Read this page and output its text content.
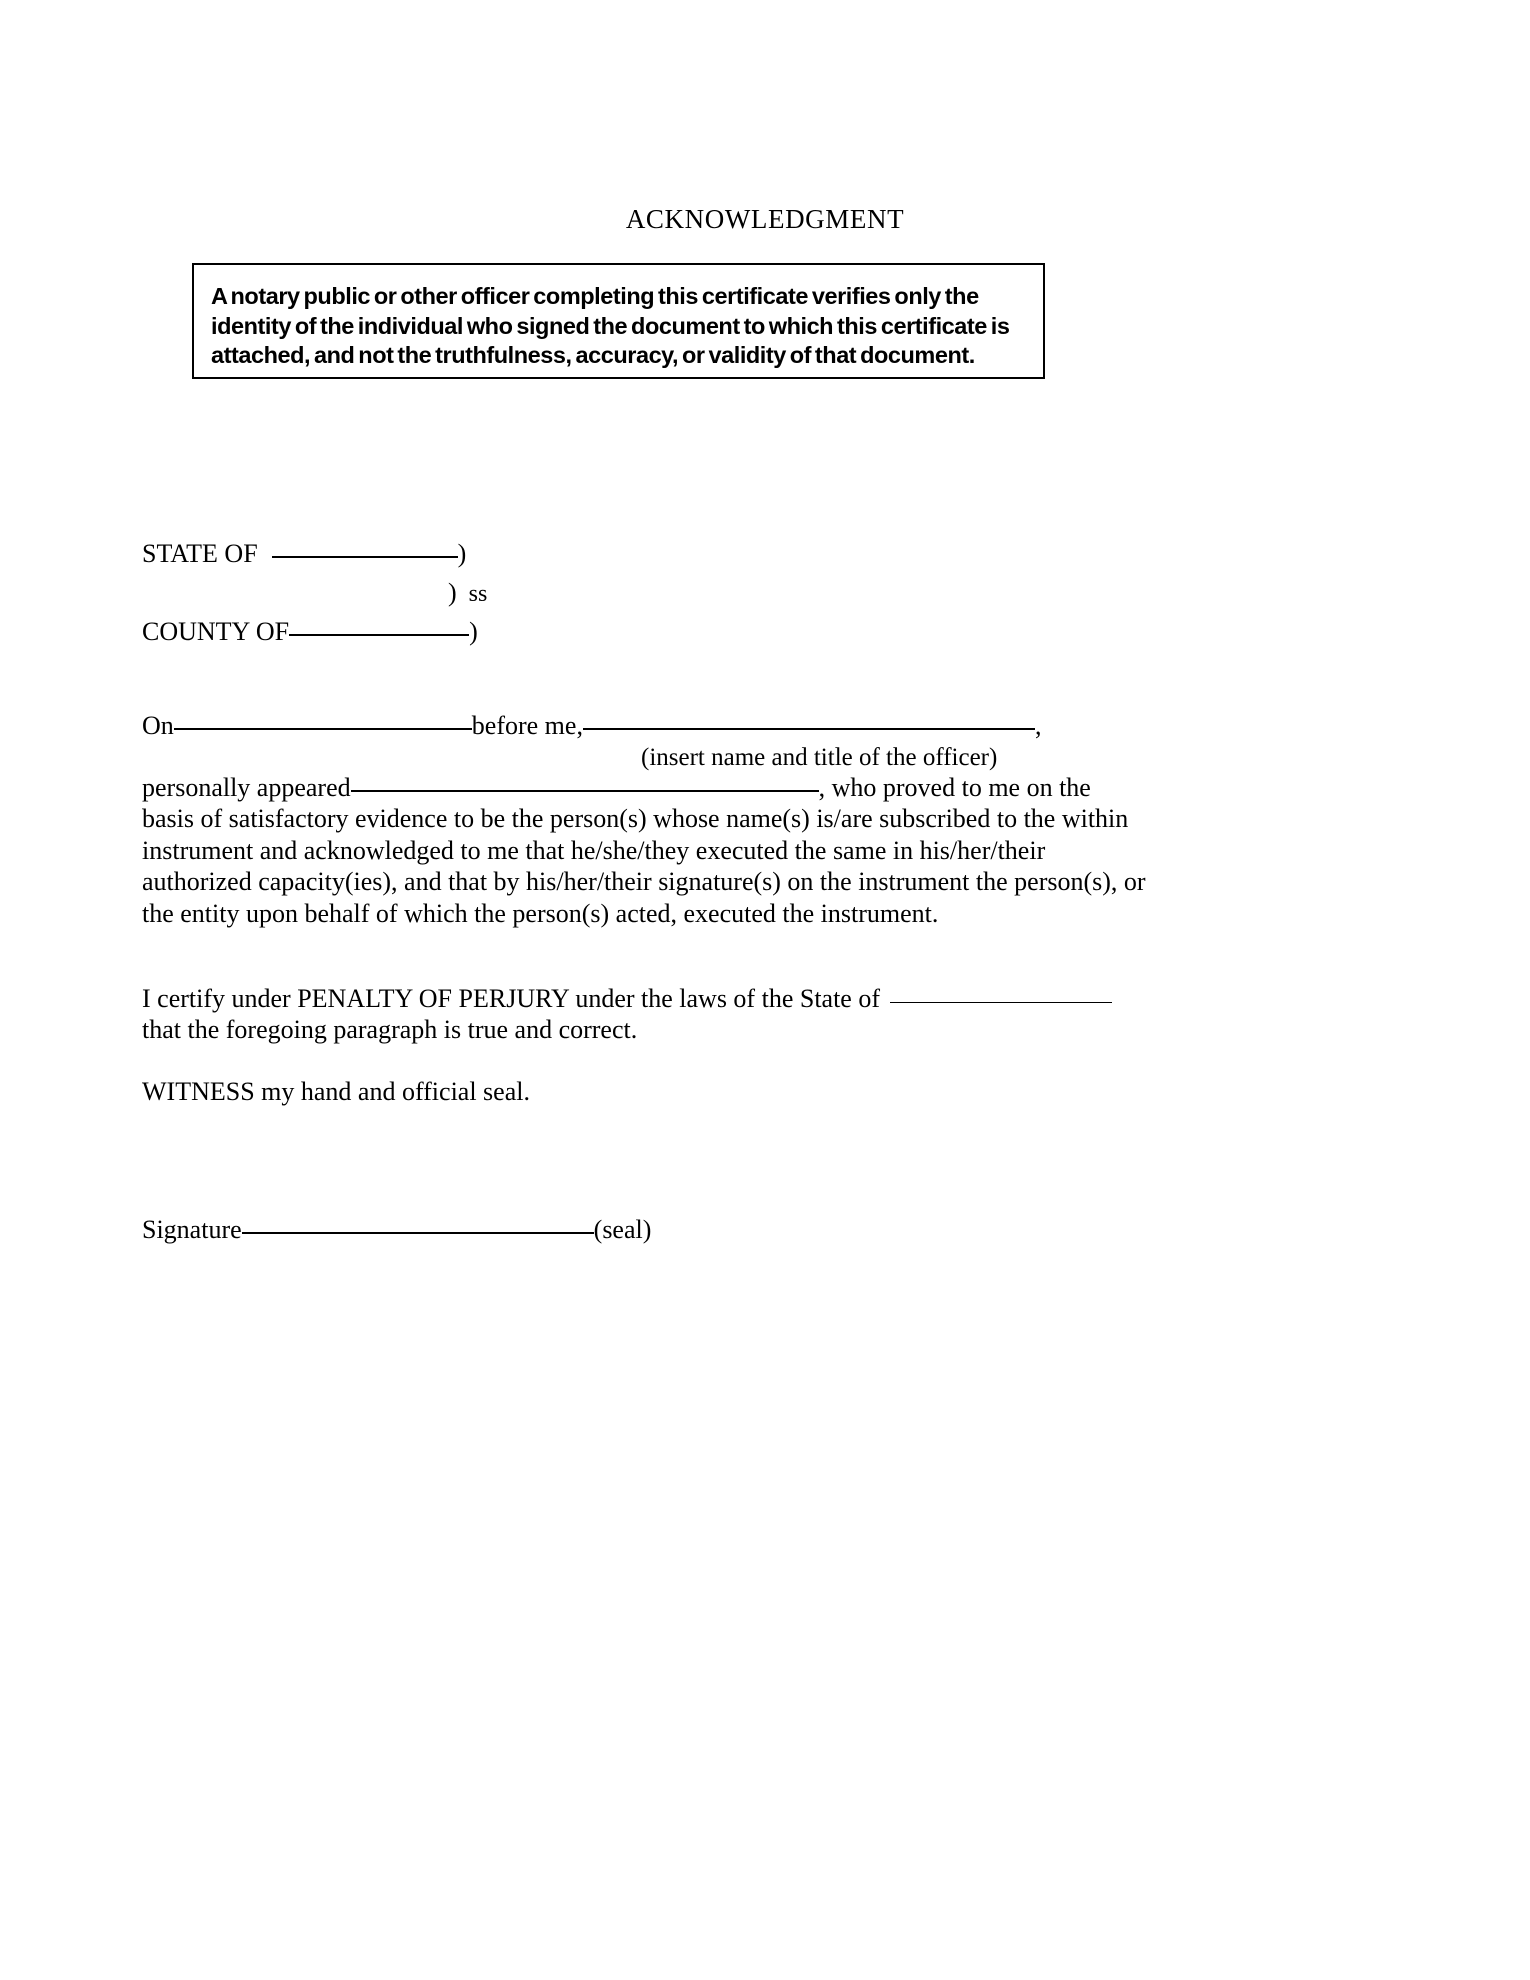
ACKNOWLEDGMENT
A notary public or other officer completing this certificate verifies only the
identity of the individual who signed the document to which this certificate is
attached, and not the truthfulness, accuracy, or validity of that document.
STATE OF	)
) ss
COUNTY OF	)
On	before me,	,
(insert name and title of the officer)
personally appeared	, who proved to me on the
basis of satisfactory evidence to be the person(s) whose name(s) is/are subscribed to the within
instrument and acknowledged to me that he/she/they executed the same in his/her/their
authorized capacity(ies), and that by his/her/their signature(s) on the instrument the person(s), or
the entity upon behalf of which the person(s) acted, executed the instrument.
I certify under PENALTY OF PERJURY under the laws of the State of
that the foregoing paragraph is true and correct.
WITNESS my hand and official seal.
Signature	(seal)
